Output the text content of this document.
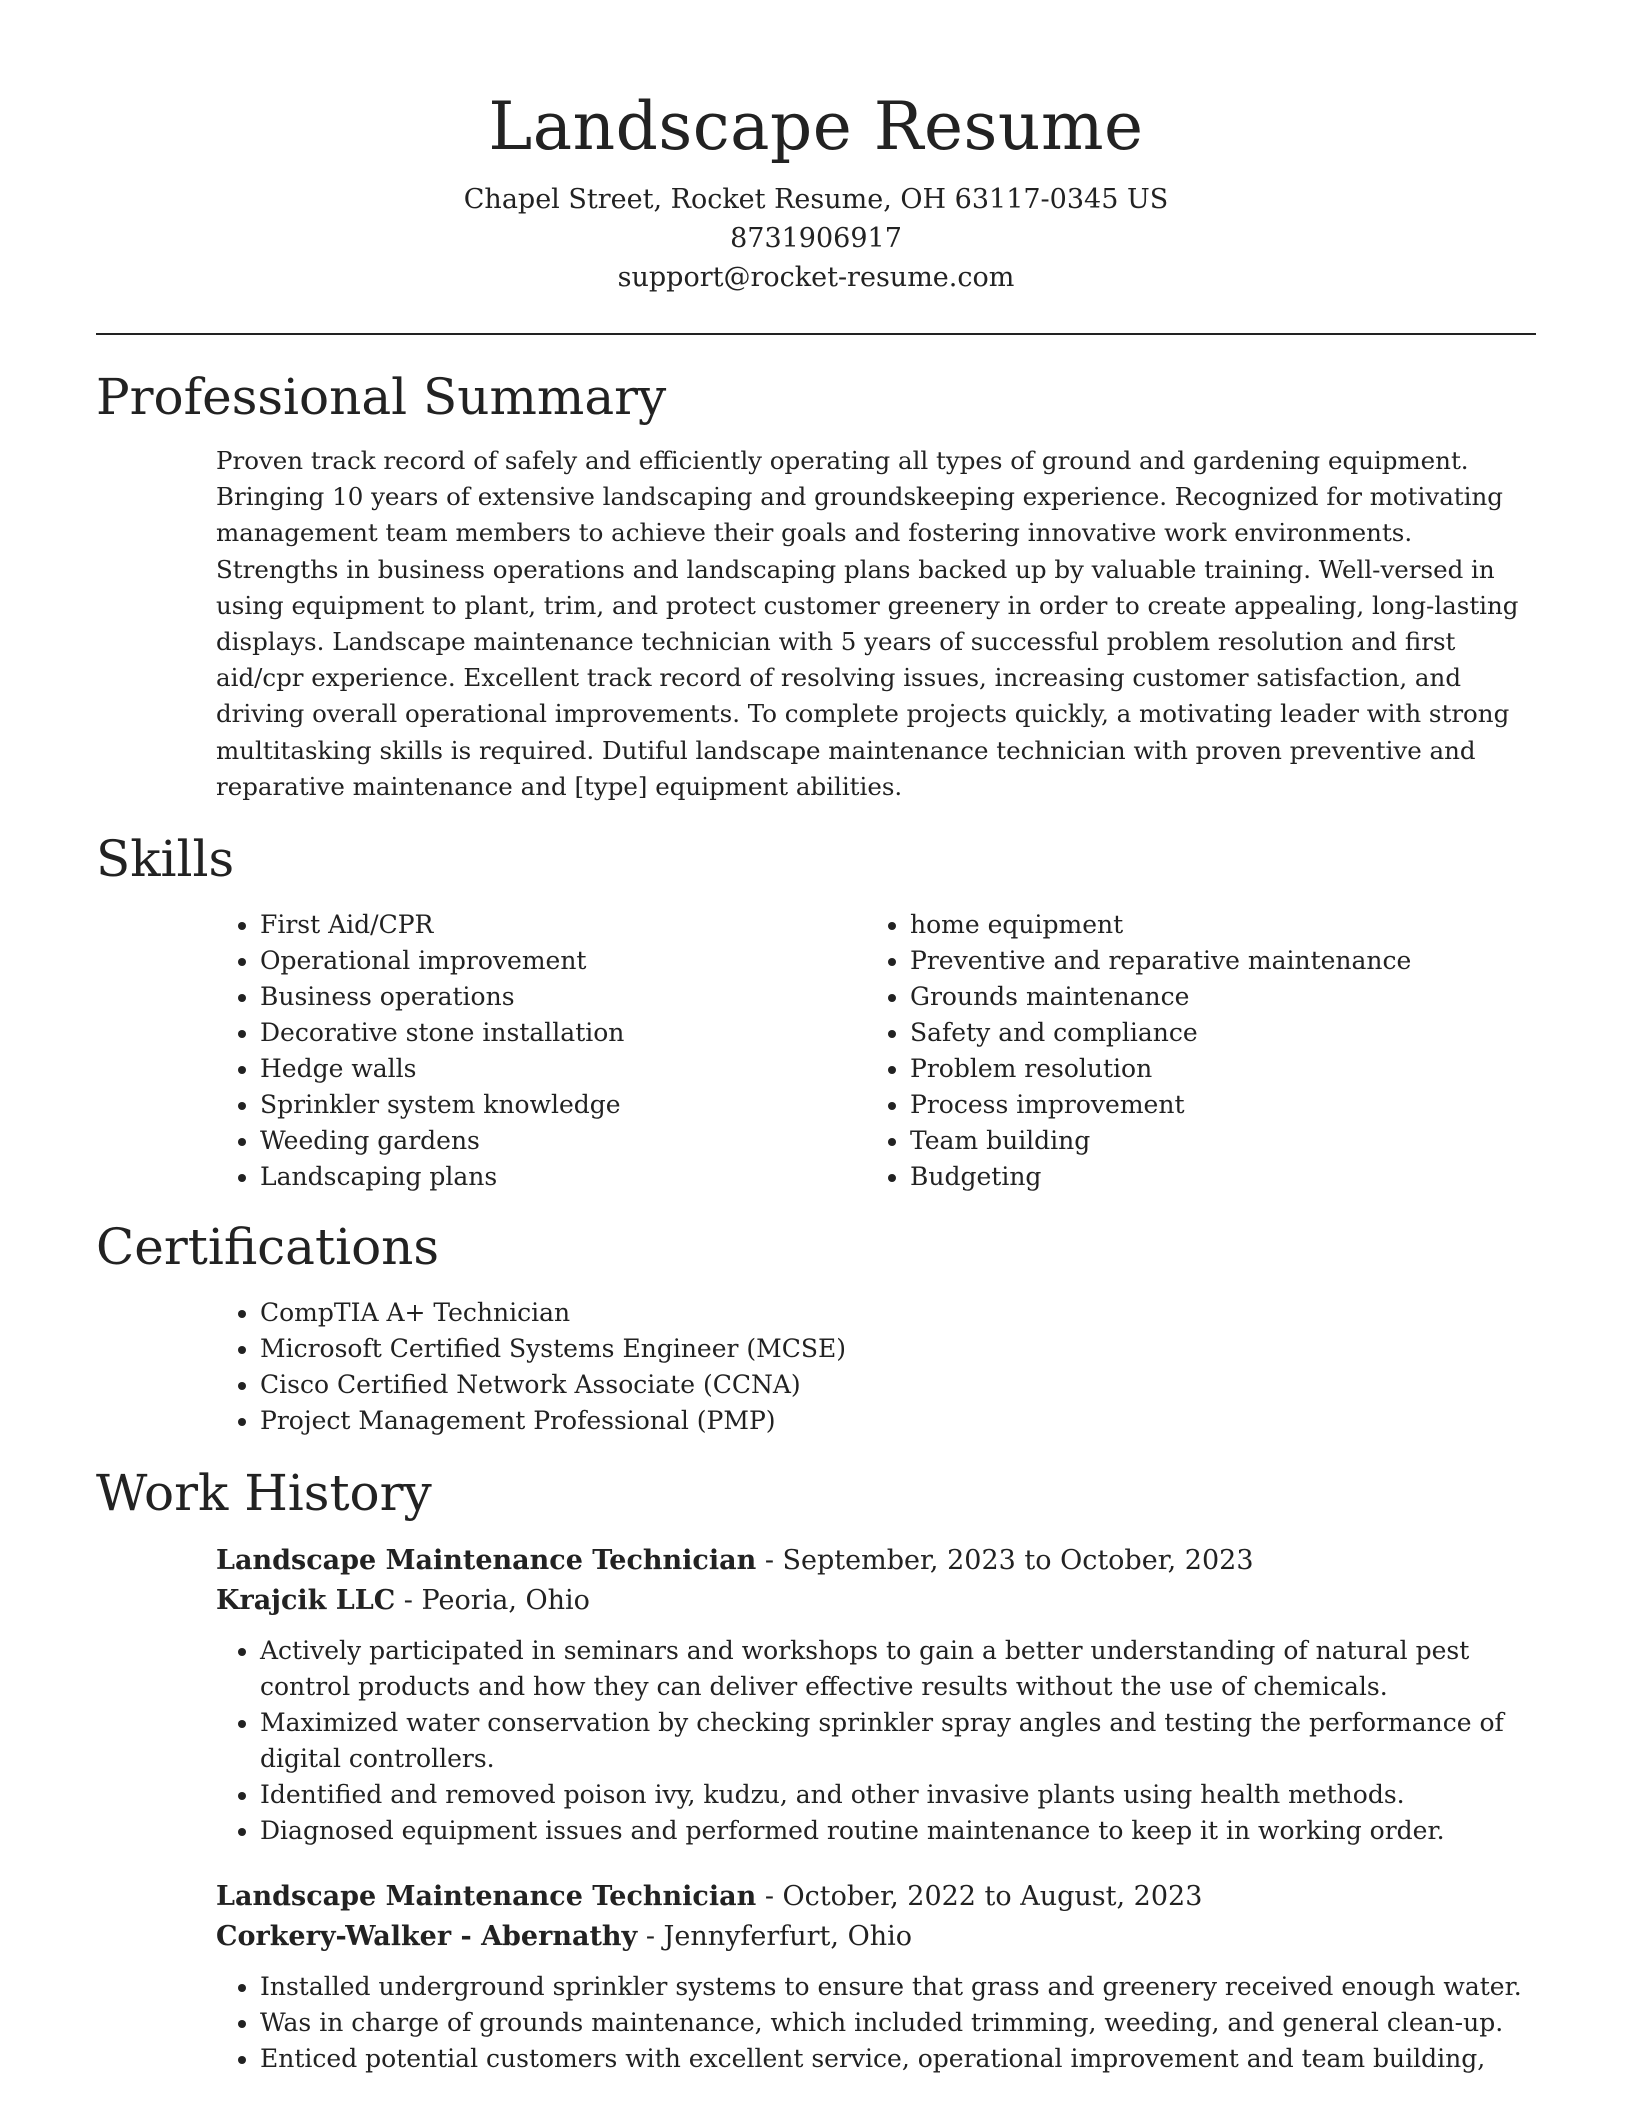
Landscape Resume
Chapel Street, Rocket Resume, OH 63117-0345 US
8731906917
support@rocket-resume.com
Professional Summary

Proven track record of safely and efficiently operating all types of ground and gardening equipment. Bringing 10 years of extensive landscaping and groundskeeping experience. Recognized for motivating management team members to achieve their goals and fostering innovative work environments. Strengths in business operations and landscaping plans backed up by valuable training. Well-versed in using equipment to plant, trim, and protect customer greenery in order to create appealing, long-lasting displays. Landscape maintenance technician with 5 years of successful problem resolution and first aid/cpr experience. Excellent track record of resolving issues, increasing customer satisfaction, and driving overall operational improvements. To complete projects quickly, a motivating leader with strong multitasking skills is required. Dutiful landscape maintenance technician with proven preventive and reparative maintenance and [type] equipment abilities.

Skills
• First Aid/CPR
• Operational improvement
• Business operations
• Decorative stone installation
• Hedge walls
• Sprinkler system knowledge
• Weeding gardens
• Landscaping plans
• home equipment
• Preventive and reparative maintenance
• Grounds maintenance
• Safety and compliance
• Problem resolution
• Process improvement
• Team building
• Budgeting
Certifications
• CompTIA A+ Technician
• Microsoft Certified Systems Engineer (MCSE)
• Cisco Certified Network Associate (CCNA)
• Project Management Professional (PMP)
Work History
Landscape Maintenance Technician - September, 2023 to October, 2023
Krajcik LLC - Peoria, Ohio
• Actively participated in seminars and workshops to gain a better understanding of natural pest control products and how they can deliver effective results without the use of chemicals.
• Maximized water conservation by checking sprinkler spray angles and testing the performance of digital controllers.
• Identified and removed poison ivy, kudzu, and other invasive plants using health methods.
• Diagnosed equipment issues and performed routine maintenance to keep it in working order.
Landscape Maintenance Technician - October, 2022 to August, 2023
Corkery-Walker - Abernathy - Jennyferfurt, Ohio
• Installed underground sprinkler systems to ensure that grass and greenery received enough water.
• Was in charge of grounds maintenance, which included trimming, weeding, and general clean-up.
• Enticed potential customers with excellent service, operational improvement and team building,
